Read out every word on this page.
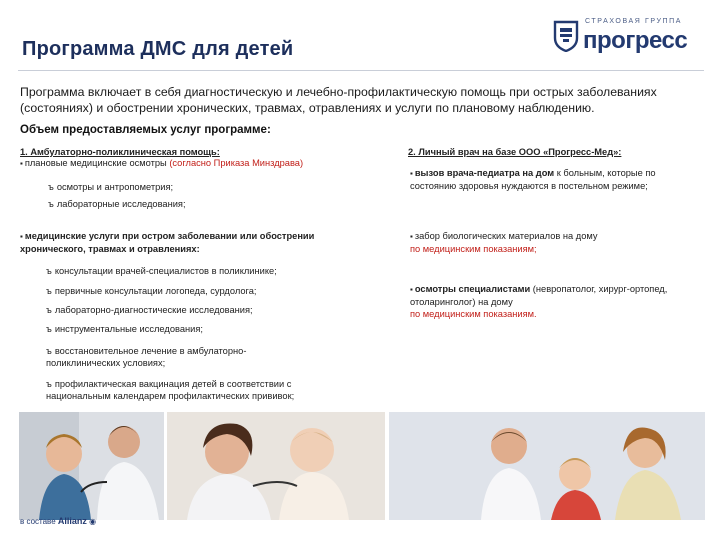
Программа ДМС для детей
СТРАХОВАЯ ГРУППА
прогресс
Программа включает в себя диагностическую и лечебно-профилактическую помощь при острых заболеваниях (состояниях) и обострении хронических, травмах, отравлениях и услуги по плановому наблюдению.
Объем предоставляемых услуг программе:
1. Амбулаторно-поликлиническая помощь:
▪ плановые медицинские осмотры (согласно Приказа Минздрава)
ъ осмотры и антропометрия;
ъ лабораторные исследования;
▪ медицинские услуги при остром заболевании или обострении хронического, травмах и отравлениях:
ъ консультации врачей-специалистов в поликлинике;
ъ первичные консультации логопеда, сурдолога;
ъ лабораторно-диагностические исследования;
ъ инструментальные исследования;
ъ восстановительное лечение в амбулаторно-поликлинических условиях;
ъ профилактическая вакцинация детей в соответствии с национальным календарем профилактических прививок;
2. Личный врач на базе ООО «Прогресс-Мед»:
▪ вызов врача-педиатра на дом к больным, которые по состоянию здоровья нуждаются в постельном режиме;
▪ забор биологических материалов на дому
по медицинским показаниям;
▪ осмотры специалистами (невропатолог, хирург-ортопед, отоларинголог) на дому
по медицинским показаниям.
в составе Allianz ◉
